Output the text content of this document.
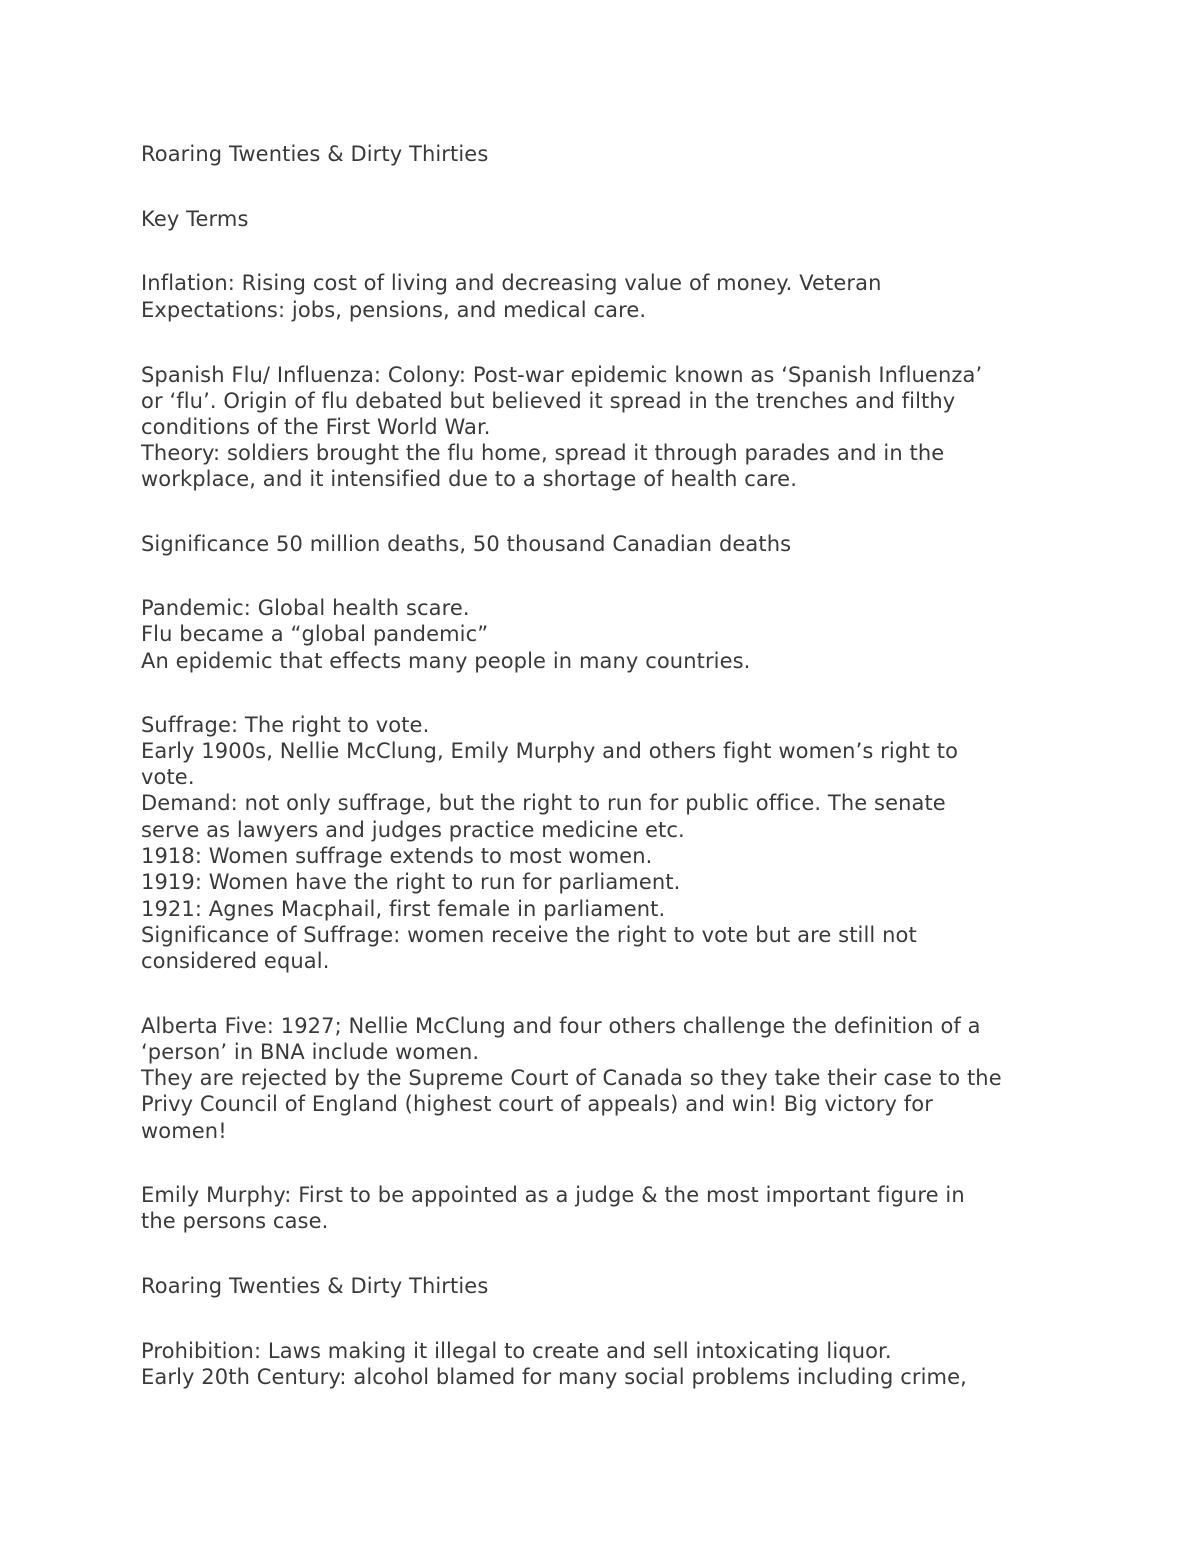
Roaring Twenties & Dirty Thirties

Key Terms

Inflation: Rising cost of living and decreasing value of money. Veteran

Expectations: jobs, pensions, and medical care.

Spanish Flu/ Influenza: Colony: Post-war epidemic known as ‘Spanish Influenza’

or ‘flu’. Origin of flu debated but believed it spread in the trenches and filthy

conditions of the First World War.

Theory: soldiers brought the flu home, spread it through parades and in the

workplace, and it intensified due to a shortage of health care.

Significance 50 million deaths, 50 thousand Canadian deaths

Pandemic: Global health scare.

Flu became a “global pandemic”

An epidemic that effects many people in many countries.

Suffrage: The right to vote.

Early 1900s, Nellie McClung, Emily Murphy and others fight women’s right to

vote.

Demand: not only suffrage, but the right to run for public office. The senate

serve as lawyers and judges practice medicine etc.

1918: Women suffrage extends to most women.

1919: Women have the right to run for parliament.

1921: Agnes Macphail, first female in parliament.

Significance of Suffrage: women receive the right to vote but are still not

considered equal.

Alberta Five: 1927; Nellie McClung and four others challenge the definition of a

‘person’ in BNA include women.

They are rejected by the Supreme Court of Canada so they take their case to the

Privy Council of England (highest court of appeals) and win! Big victory for

women!

Emily Murphy: First to be appointed as a judge & the most important figure in

the persons case.

Roaring Twenties & Dirty Thirties

Prohibition: Laws making it illegal to create and sell intoxicating liquor.

Early 20th Century: alcohol blamed for many social problems including crime,
